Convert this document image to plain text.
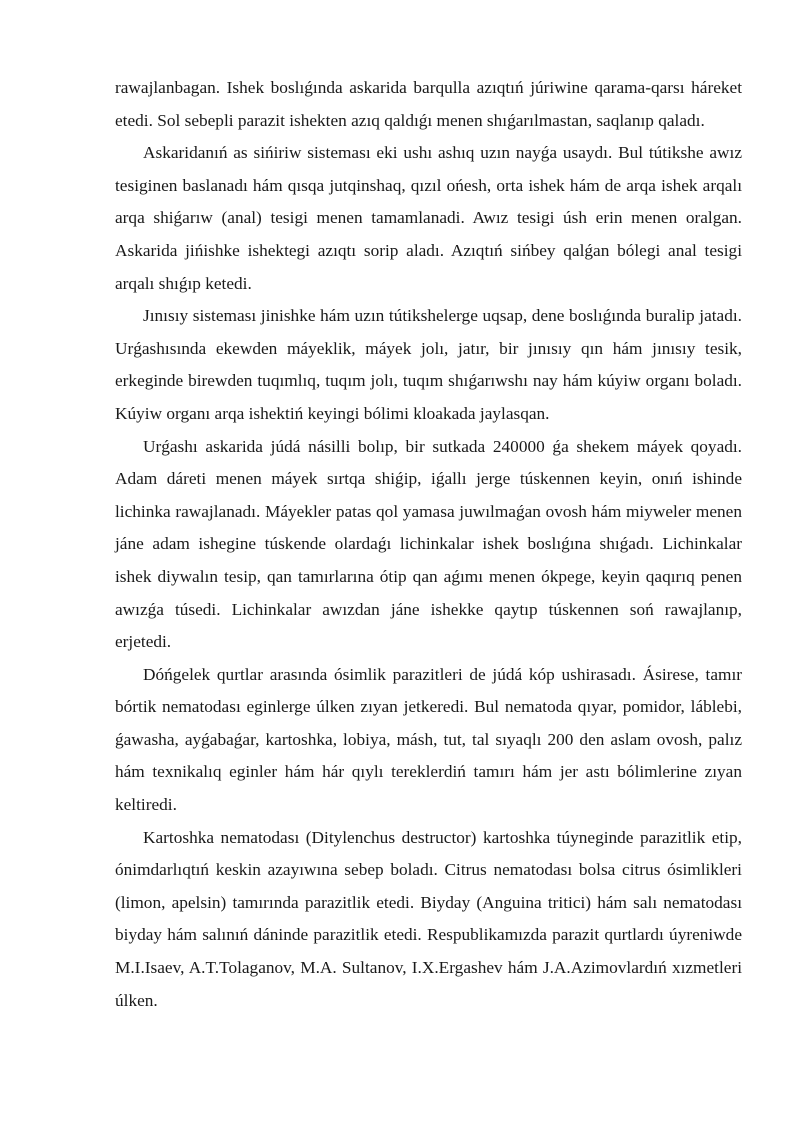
rawajlanbagan. Ishek boslıǵında askarida barqulla azıqtıń júriwine qarama-qarsı háreket etedi. Sol sebepli parazit ishekten azıq qaldıǵı menen shıǵarılmastan, saqlanıp qaladı.

Askaridanıń as sińiriw sisteması eki ushı ashıq uzın nayǵa usaydı. Bul tútikshe awız tesiginen baslanadı hám qısqa jutqinshaq, qızıl ońesh, orta ishek hám de arqa ishek arqalı arqa shiǵarıw (anal) tesigi menen tamamlanadi. Awız tesigi úsh erin menen oralgan. Askarida jińishke ishektegi azıqtı sorip aladı. Azıqtıń sińbey qalǵan bólegi anal tesigi arqalı shıǵıp ketedi.

Jınısıy sisteması jinishke hám uzın tútikshelerge uqsap, dene boslıǵında buralip jatadı. Urǵashısında ekewden máyeklik, máyek jolı, jatır, bir jınısıy qın hám jınısıy tesik, erkeginde birewden tuqımlıq, tuqım jolı, tuqım shıǵarıwshı nay hám kúyiw organı boladı. Kúyiw organı arqa ishektiń keyingi bólimi kloakada jaylasqan.

Urǵashı askarida júdá násilli bolıp, bir sutkada 240000 ǵa shekem máyek qoyadı. Adam dáreti menen máyek sırtqa shiǵip, iǵallı jerge túskennen keyin, onıń ishinde lichinka rawajlanadı. Máyekler patas qol yamasa juwılmaǵan ovosh hám miyweler menen jáne adam ishegine túskende olardaǵı lichinkalar ishek boslıǵına shıǵadı. Lichinkalar ishek diywalın tesip, qan tamırlarına ótip qan aǵımı menen ókpege, keyin qaqırıq penen awızǵa túsedi. Lichinkalar awızdan jáne ishekke qaytıp túskennen soń rawajlanıp, erjetedi.

Dóńgelek qurtlar arasında ósimlik parazitleri de júdá kóp ushirasadı. Ásirese, tamır bórtik nematodası eginlerge úlken zıyan jetkeredi. Bul nematoda qıyar, pomidor, láblebi, ǵawasha, ayǵabaǵar, kartoshka, lobiya, másh, tut, tal sıyaqlı 200 den aslam ovosh, palız hám texnikalıq eginler hám hár qıylı tereklerdiń tamırı hám jer astı bólimlerine zıyan keltiredi.

Kartoshka nematodası (Ditylenchus destructor) kartoshka túyneginde parazitlik etip, ónimdarlıqtıń keskin azayıwına sebep boladı. Citrus nematodası bolsa citrus ósimlikleri (limon, apelsin) tamırında parazitlik etedi. Biyday (Anguina tritici) hám salı nematodası biyday hám salınıń dáninde parazitlik etedi. Respublikamızda parazit qurtlardı úyreniwde M.I.Isaev, A.T.Tolaganov, M.A. Sultanov, I.X.Ergashev hám J.A.Azimovlardıń xızmetleri úlken.
